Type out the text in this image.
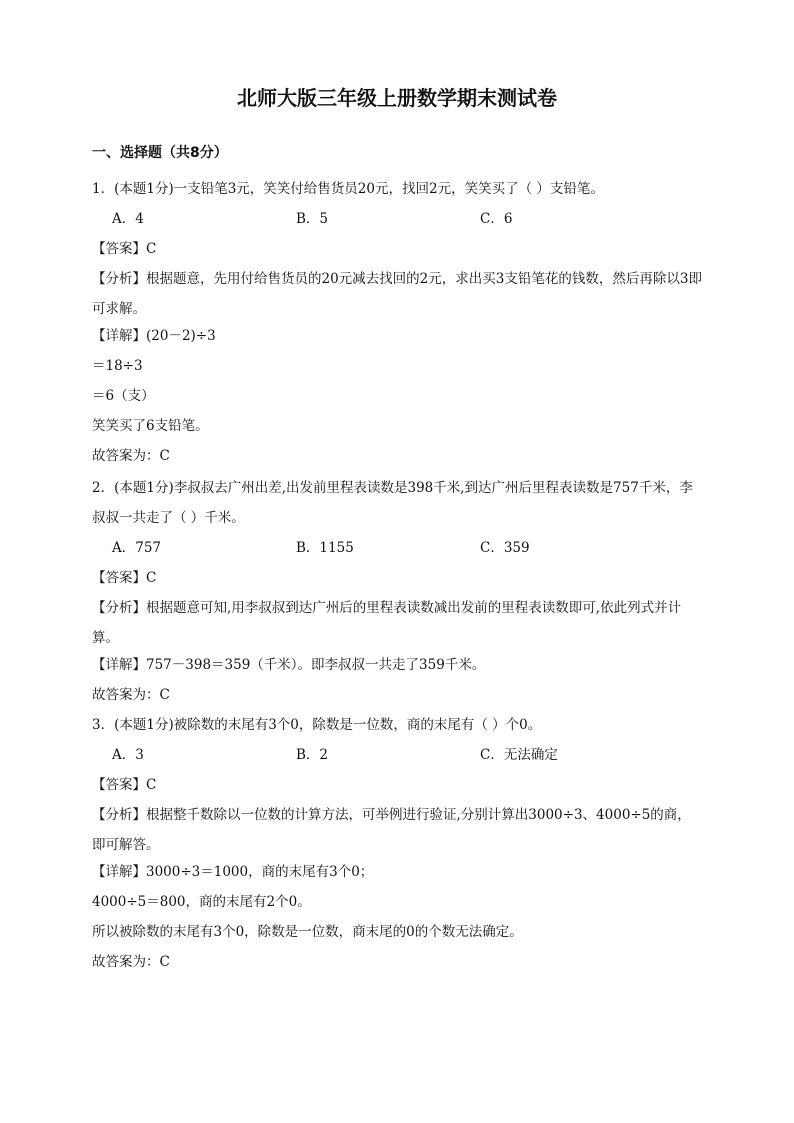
北师大版三年级上册数学期末测试卷
一、选择题（共8分）
1．(本题1分)一支铅笔3元，笑笑付给售货员20元，找回2元，笑笑买了（ ）支铅笔。
A．4	B．5	C．6
【答案】C
【分析】根据题意，先用付给售货员的20元减去找回的2元，求出买3支铅笔花的钱数，然后再除以3即可求解。
【详解】(20－2)÷3
＝18÷3
＝6（支）
笑笑买了6支铅笔。
故答案为：C
2．(本题1分)李叔叔去广州出差,出发前里程表读数是398千米,到达广州后里程表读数是757千米，李叔叔一共走了（ ）千米。
A．757	B．1155	C．359
【答案】C
【分析】根据题意可知,用李叔叔到达广州后的里程表读数减出发前的里程表读数即可,依此列式并计算。
【详解】757－398＝359（千米）。即李叔叔一共走了359千米。
故答案为：C
3．(本题1分)被除数的末尾有3个0，除数是一位数，商的末尾有（ ）个0。
A．3	B．2	C．无法确定
【答案】C
【分析】根据整千数除以一位数的计算方法，可举例进行验证,分别计算出3000÷3、4000÷5的商，即可解答。
【详解】3000÷3＝1000，商的末尾有3个0；
4000÷5＝800，商的末尾有2个0。
所以被除数的末尾有3个0，除数是一位数，商末尾的0的个数无法确定。
故答案为：C
